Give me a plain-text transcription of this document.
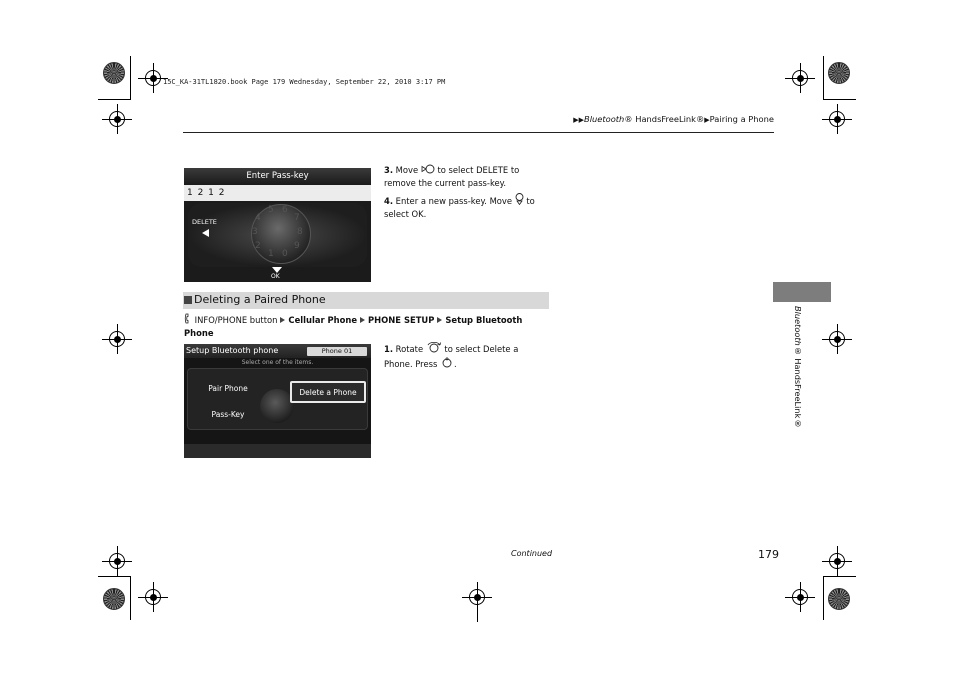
15C_KA-31TL1820.book Page 179 Wednesday, September 22, 2010 3:17 PM
▶▶Bluetooth® HandsFreeLink®▶Pairing a Phone
Enter Pass-key
1 2 1 2
DELETE	4
5 6
7
3	8
2	9
1 0
OK
3. Move  to select DELETE to remove the current pass-key.
4. Enter a new pass-key. Move  to select OK.
Deleting a Paired Phone
INFO/PHONE button Cellular Phone PHONE SETUP Setup Bluetooth Phone
Setup Bluetooth phone	Phone 01
Select one of the items.
Pair Phone	Delete a Phone
Pass-Key
1. Rotate  to select Delete a Phone. Press .
Bluetooth® HandsFreeLink®
Continued	179
